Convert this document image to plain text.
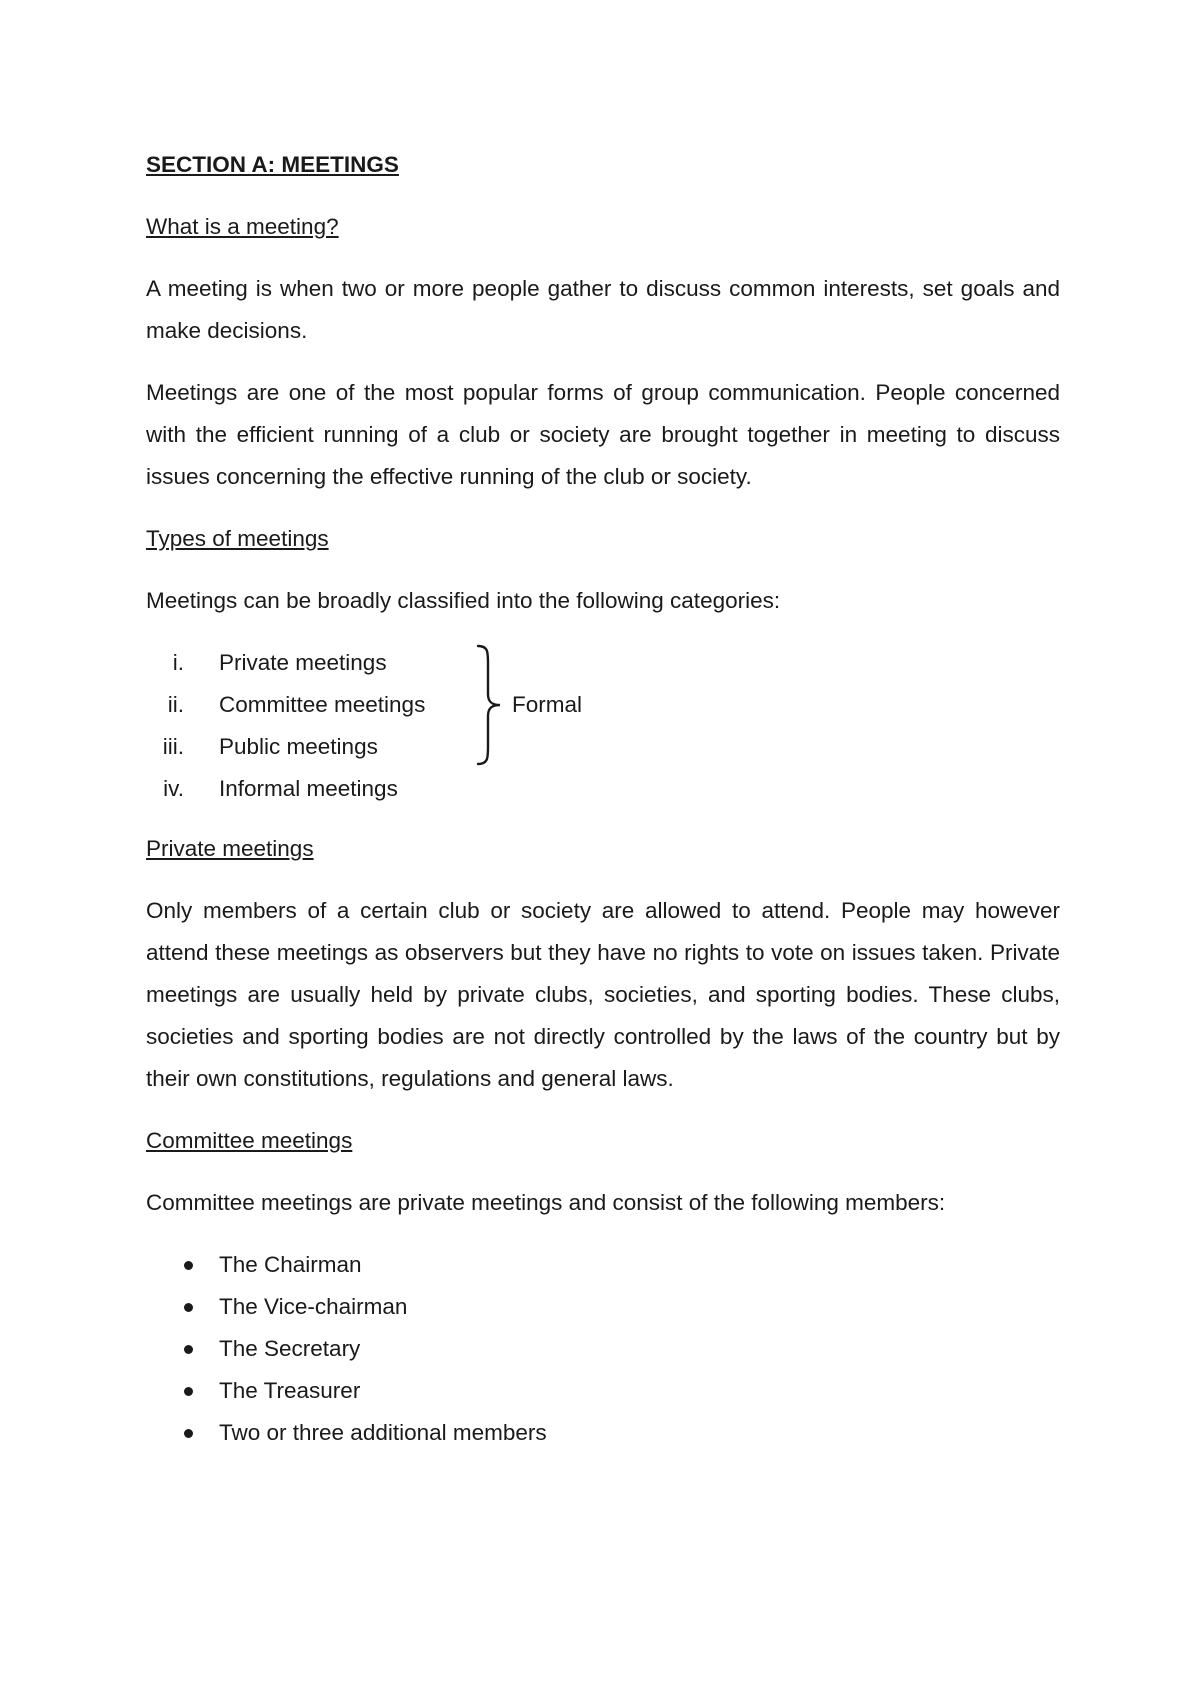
SECTION A: MEETINGS
What is a meeting?

A meeting is when two or more people gather to discuss common interests, set goals and make decisions.

Meetings are one of the most popular forms of group communication. People concerned with the efficient running of a club or society are brought together in meeting to discuss issues concerning the effective running of the club or society.

Types of meetings

Meetings can be broadly classified into the following categories:

i. Private meetings
ii. Committee meetings
iii. Public meetings
iv. Informal meetings
Formal
Private meetings

Only members of a certain club or society are allowed to attend. People may however attend these meetings as observers but they have no rights to vote on issues taken. Private meetings are usually held by private clubs, societies, and sporting bodies. These clubs, societies and sporting bodies are not directly controlled by the laws of the country but by their own constitutions, regulations and general laws.

Committee meetings

Committee meetings are private meetings and consist of the following members:

The Chairman
The Vice-chairman
The Secretary
The Treasurer
Two or three additional members
